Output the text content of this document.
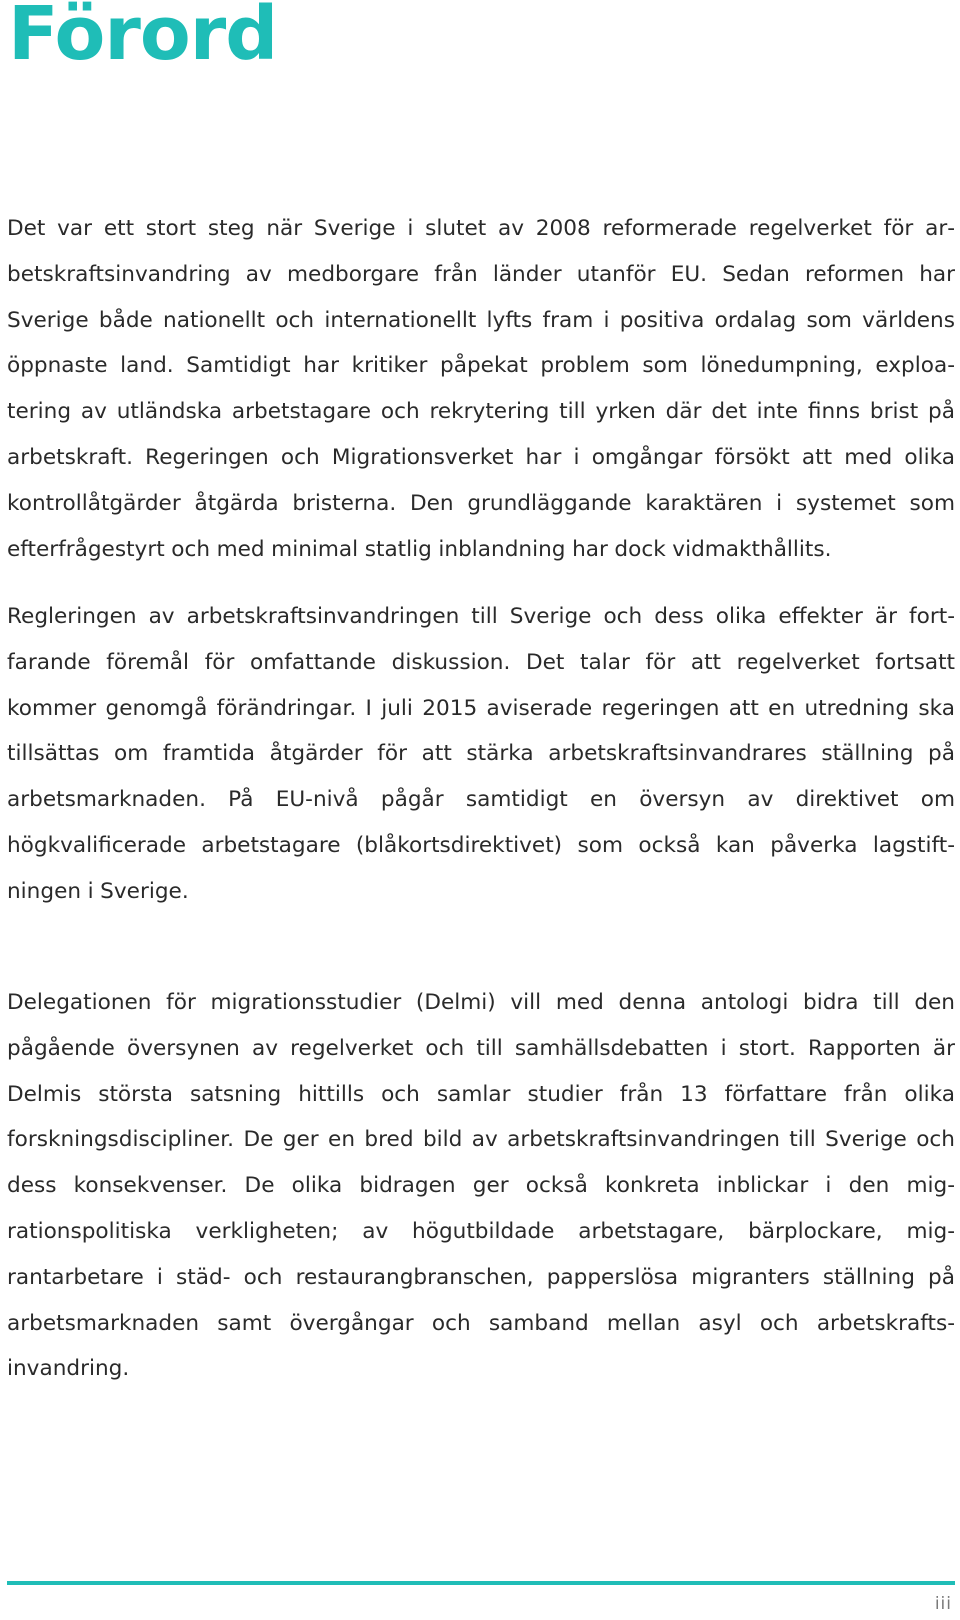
Förord

Det var ett stort steg när Sverige i slutet av 2008 reformerade regelverket för arbetskraftsinvandring av medborgare från länder utanför EU. Sedan reformen har Sverige både nationellt och internationellt lyfts fram i positiva ordalag som världens öppnaste land. Samtidigt har kritiker påpekat problem som lönedumpning, exploatering av utländska arbetstagare och rekrytering till yrken där det inte finns brist på arbetskraft. Regeringen och Migrationsverket har i omgångar försökt att med olika kontrollåtgärder åtgärda bristerna. Den grundläggande karaktären i systemet som efterfrågestyrt och med minimal statlig inblandning har dock vidmakthållits.

Regleringen av arbetskraftsinvandringen till Sverige och dess olika effekter är fortfarande föremål för omfattande diskussion. Det talar för att regelverket fortsatt kommer genomgå förändringar. I juli 2015 aviserade regeringen att en utredning ska tillsättas om framtida åtgärder för att stärka arbetskraftsinvandrares ställning på arbetsmarknaden. På EU-nivå pågår samtidigt en översyn av direktivet om högkvalificerade arbetstagare (blåkortsdirektivet) som också kan påverka lagstiftningen i Sverige.

Delegationen för migrationsstudier (Delmi) vill med denna antologi bidra till den pågående översynen av regelverket och till samhällsdebatten i stort. Rapporten är Delmis största satsning hittills och samlar studier från 13 författare från olika forskningsdiscipliner. De ger en bred bild av arbetskraftsinvandringen till Sverige och dess konsekvenser. De olika bidragen ger också konkreta inblickar i den migrationspolitiska verkligheten; av högutbildade arbetstagare, bärplockare, migrantarbetare i städ- och restaurangbranschen, papperslösa migranters ställning på arbetsmarknaden samt övergångar och samband mellan asyl och arbetskraftsinvandring.

iii
